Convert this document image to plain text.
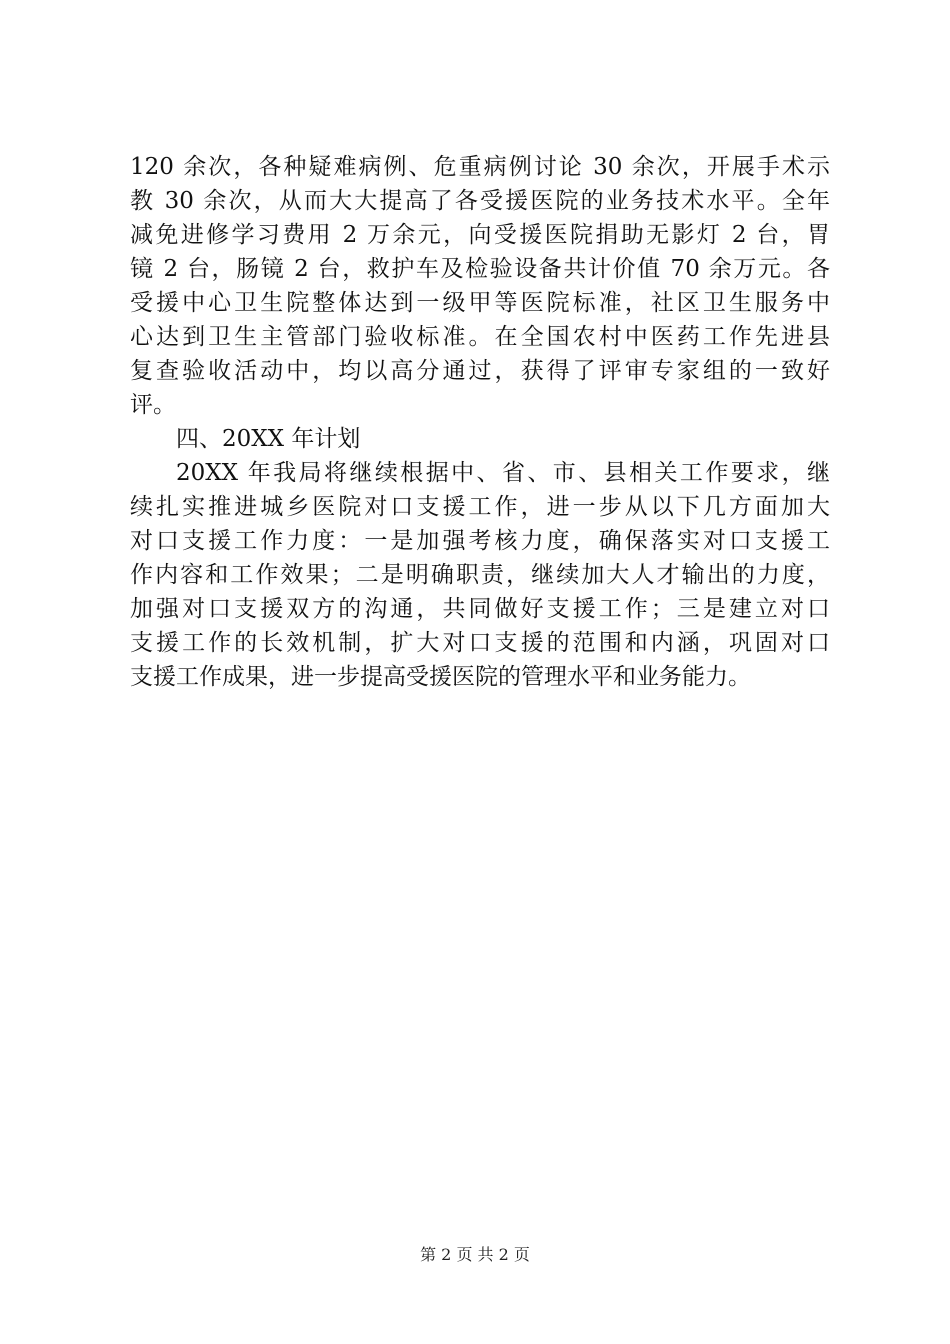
120 余次，各种疑难病例、危重病例讨论 30 余次，开展手术示
教 30 余次，从而大大提高了各受援医院的业务技术水平。全年
减免进修学习费用 2 万余元，向受援医院捐助无影灯 2 台，胃
镜 2 台，肠镜 2 台，救护车及检验设备共计价值 70 余万元。各
受援中心卫生院整体达到一级甲等医院标准，社区卫生服务中
心达到卫生主管部门验收标准。在全国农村中医药工作先进县
复查验收活动中，均以高分通过，获得了评审专家组的一致好
评。
四、20XX 年计划
20XX 年我局将继续根据中、省、市、县相关工作要求，继
续扎实推进城乡医院对口支援工作，进一步从以下几方面加大
对口支援工作力度：一是加强考核力度，确保落实对口支援工
作内容和工作效果；二是明确职责，继续加大人才输出的力度，
加强对口支援双方的沟通，共同做好支援工作；三是建立对口
支援工作的长效机制，扩大对口支援的范围和内涵，巩固对口
支援工作成果，进一步提高受援医院的管理水平和业务能力。
第 2 页 共 2 页
